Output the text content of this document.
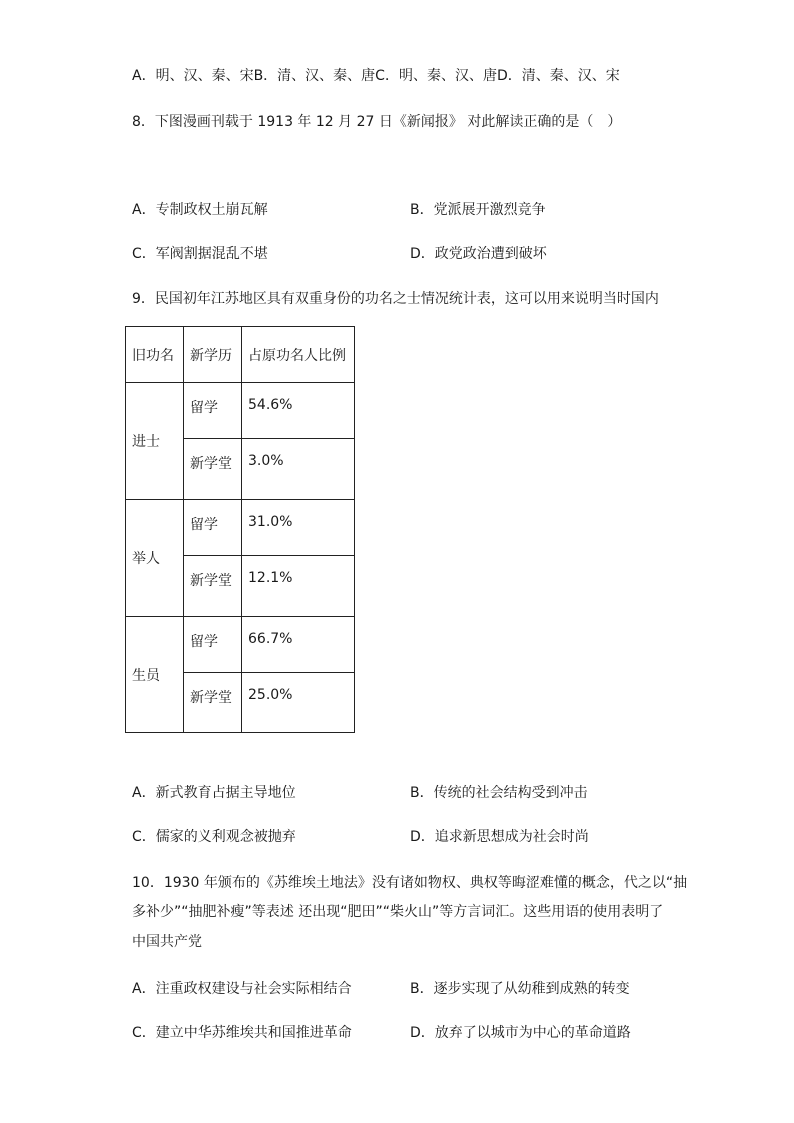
A．明、汉、秦、宋B．清、汉、秦、唐C．明、秦、汉、唐D．清、秦、汉、宋
8．下图漫画刊载于 1913 年 12 月 27 日《新闻报》 对此解读正确的是（　）
A．专制政权土崩瓦解	B．党派展开激烈竞争
C．军阀割据混乱不堪	D．政党政治遭到破坏
9．民国初年江苏地区具有双重身份的功名之士情况统计表，这可以用来说明当时国内
旧功名	新学历	占原功名人比例
进士	留学	54.6%
	新学堂	3.0%
举人	留学	31.0%
	新学堂	12.1%
生员	留学	66.7%
	新学堂	25.0%
A．新式教育占据主导地位	B．传统的社会结构受到冲击
C．儒家的义利观念被抛弃	D．追求新思想成为社会时尚
10．1930 年颁布的《苏维埃土地法》没有诸如物权、典权等晦涩难懂的概念，代之以“抽
多补少”“抽肥补瘦”等表述 还出现“肥田”“柴火山”等方言词汇。这些用语的使用表明了
中国共产党
A．注重政权建设与社会实际相结合	B．逐步实现了从幼稚到成熟的转变
C．建立中华苏维埃共和国推进革命	D．放弃了以城市为中心的革命道路
